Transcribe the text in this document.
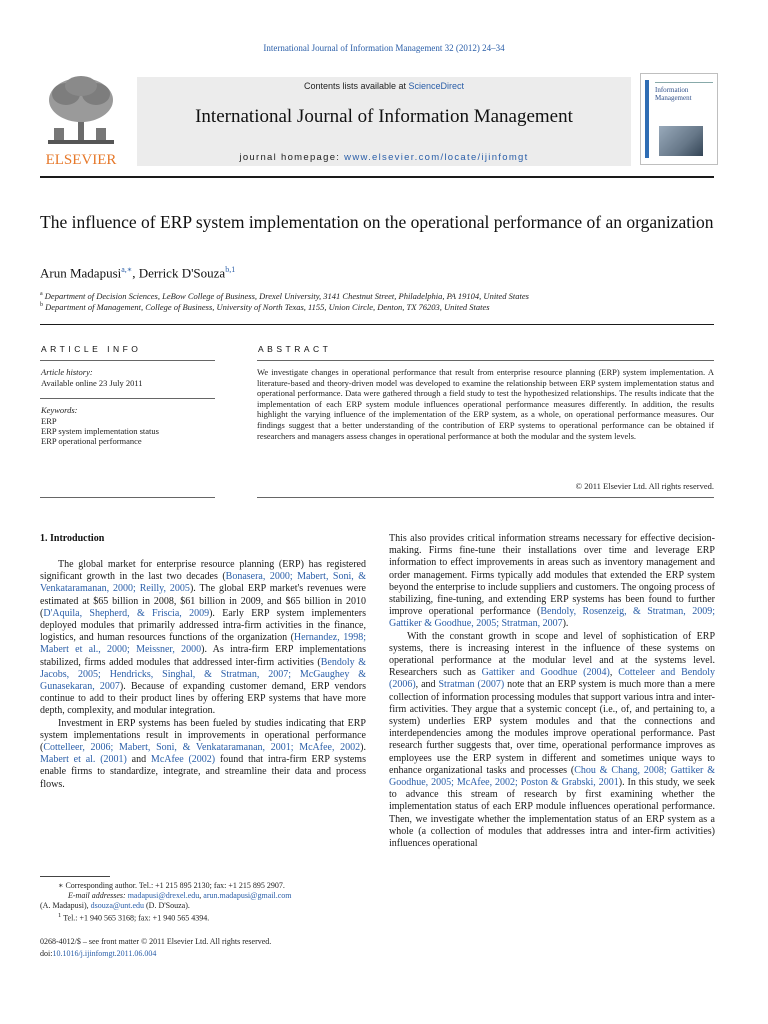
International Journal of Information Management 32 (2012) 24–34
ELSEVIER
Contents lists available at ScienceDirect
International Journal of Information Management
journal homepage: www.elsevier.com/locate/ijinfomgt
Information
Management
The influence of ERP system implementation on the operational performance of an organization
Arun Madapusi$^{a,∗}$, Derrick D'Souza$^{b,1}$
$^a$ Department of Decision Sciences, LeBow College of Business, Drexel University, 3141 Chestnut Street, Philadelphia, PA 19104, United States
$^b$ Department of Management, College of Business, University of North Texas, 1155, Union Circle, Denton, TX 76203, United States
ARTICLE INFO
Article history:
Available online 23 July 2011
Keywords:
ERP
ERP system implementation status
ERP operational performance
ABSTRACT
We investigate changes in operational performance that result from enterprise resource planning (ERP) system implementation. A literature-based and theory-driven model was developed to examine the relationship between ERP system implementation status and operational performance. Data were gathered through a field study to test the hypothesized relationships. The results indicate that the implementation of each ERP system module influences operational performance measures differently. In addition, the results highlight the varying influence of the implementation of the ERP system, as a whole, on operational performance measures. Our findings suggest that a better understanding of the contribution of ERP systems to operational performance can be obtained if researchers and managers assess changes in operational performance at both the modular and the system levels.
© 2011 Elsevier Ltd. All rights reserved.
1. Introduction

The global market for enterprise resource planning (ERP) has registered significant growth in the last two decades (Bonasera, 2000; Mabert, Soni, & Venkataramanan, 2000; Reilly, 2005). The global ERP market's revenues were estimated at $65 billion in 2008, $61 billion in 2009, and $65 billion in 2010 (D'Aquila, Shepherd, & Friscia, 2009). Early ERP system implementers deployed modules that primarily addressed intra-firm activities in the finance, logistics, and human resources functions of the organization (Hernandez, 1998; Mabert et al., 2000; Meissner, 2000). As intra-firm ERP implementations stabilized, firms added modules that addressed inter-firm activities (Bendoly & Jacobs, 2005; Hendricks, Singhal, & Stratman, 2007; McGaughey & Gunasekaran, 2007). Because of expanding customer demand, ERP vendors continue to add to their product lines by offering ERP systems that have more depth, complexity, and modular integration.

Investment in ERP systems has been fueled by studies indicating that ERP system implementations result in improvements in operational performance (Cottelleer, 2006; Mabert, Soni, & Venkataramanan, 2001; McAfee, 2002). Mabert et al. (2001) and McAfee (2002) found that intra-firm ERP systems enable firms to standardize, integrate, and streamline their data and process flows.

This also provides critical information streams necessary for effective decision-making. Firms fine-tune their installations over time and leverage ERP information to effect improvements in areas such as inventory management and order management. Firms typically add modules that extended the ERP system beyond the enterprise to include suppliers and customers. The ongoing process of stabilizing, fine-tuning, and extending ERP systems has been found to further improve operational performance (Bendoly, Rosenzeig, & Stratman, 2009; Gattiker & Goodhue, 2005; Stratman, 2007).

With the constant growth in scope and level of sophistication of ERP systems, there is increasing interest in the influence of these systems on operational performance at the modular level and at the systems level. Researchers such as Gattiker and Goodhue (2004), Cotteleer and Bendoly (2006), and Stratman (2007) note that an ERP system is much more than a mere collection of information processing modules that support various intra and inter-firm activities. They argue that a systemic concept (i.e., of, and pertaining to, a system) underlies ERP system modules and that the connections and interdependencies among the modules improve operational performance. Past research further suggests that, over time, operational performance improves as employees use the ERP system in different and sometimes unique ways to enhance organizational tasks and processes (Chou & Chang, 2008; Gattiker & Goodhue, 2005; McAfee, 2002; Poston & Grabski, 2001). In this study, we seek to advance this stream of research by first examining whether the implementation status of each ERP module influences operational performance. Then, we investigate whether the implementation status of an ERP system as a whole (a collection of modules that addresses intra and inter-firm activities) influences operational

∗ Corresponding author. Tel.: +1 215 895 2130; fax: +1 215 895 2907.
E-mail addresses: madapusi@drexel.edu, arun.madapusi@gmail.com
(A. Madapusi), dsouza@unt.edu (D. D'Souza).
$^1$ Tel.: +1 940 565 3168; fax: +1 940 565 4394.
0268-4012/$ – see front matter © 2011 Elsevier Ltd. All rights reserved.
doi:10.1016/j.ijinfomgt.2011.06.004
